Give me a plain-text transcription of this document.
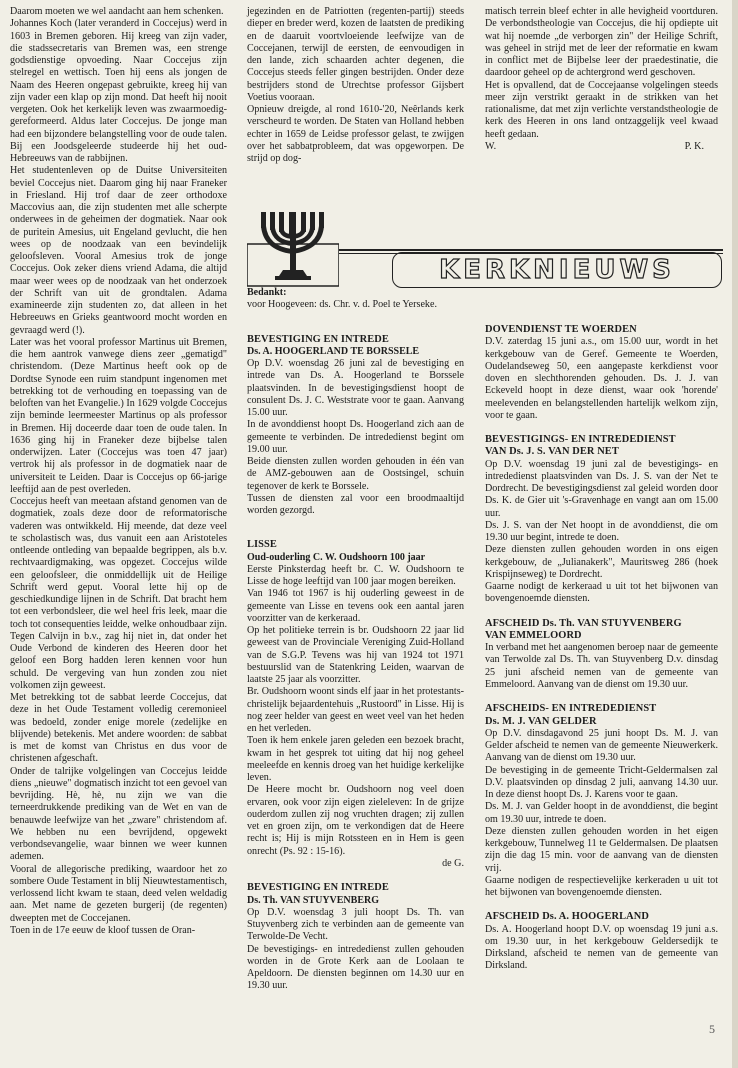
Daarom moeten we wel aandacht aan hem schenken.

Johannes Koch (later veranderd in Coccejus) werd in 1603 in Bremen geboren. Hij kreeg van zijn vader, die stadssecretaris van Bremen was, een strenge godsdienstige opvoeding. Naar Coccejus zijn stelregel en wettisch. Toen hij eens als jongen de Naam des Heeren ongepast gebruikte, kreeg hij van zijn vader een klap op zijn mond. Dat heeft hij nooit vergeten. Ook het kerkelijk leven was zwaarmoedig-gereformeerd. Aldus later Coccejus. De jonge man had een bijzondere belangstelling voor de oude talen. Bij een Joodsgeleerde studeerde hij het oud-Hebreeuws van de rabbijnen.

Het studentenleven op de Duitse Universiteiten beviel Coccejus niet. Daarom ging hij naar Franeker in Friesland. Hij trof daar de zeer orthodoxe Maccovius aan, die zijn studenten met alle scherpte onderwees in de geheimen der dogmatiek. Naar ook de puritein Amesius, uit Engeland gevlucht, die hen wees op de noodzaak van een bevindelijk geloofsleven. Vooral Amesius trok de jonge Coccejus. Ook zeker diens vriend Adama, die altijd maar weer wees op de noodzaak van het onderzoek der Schrift van uit de grondtalen. Adama examineerde zijn studenten zo, dat alleen in het Hebreeuws en Grieks geantwoord mocht worden en gevraagd werd (!).

Later was het vooral professor Martinus uit Bremen, die hem aantrok vanwege diens zeer „gematigd" christendom. (Deze Martinus heeft ook op de Dordtse Synode een ruim standpunt ingenomen met betrekking tot de verhouding en toepassing van de beloften van het Evangelie.) In 1629 volgde Coccejus zijn beminde leermeester Martinus op als professor in Bremen. Hij doceerde daar toen de oude talen. In 1636 ging hij in Franeker deze bijbelse talen onderwijzen. Later (Coccejus was toen 47 jaar) vertrok hij als professor in de dogmatiek naar de universiteit te Leiden. Daar is Coccejus op 66-jarige leeftijd aan de pest overleden.

Coccejus heeft van meetaan afstand genomen van de dogmatiek, zoals deze door de reformatorische vaderen was ontwikkeld. Hij meende, dat deze veel te scholastisch was, dus vanuit een aan Aristoteles ontleende ontleding van bepaalde begrippen, als b.v. rechtvaardigmaking, was opgezet. Coccejus wilde een geloofsleer, die onmiddellijk uit de Heilige Schrift werd geput. Vooral lette hij op de geschiedkundige lijnen in de Schrift. Dat bracht hem tot een verbondsleer, die wel heel fris leek, maar die toch tot consequenties leidde, welke onhoudbaar zijn. Tegen Calvijn in b.v., zag hij niet in, dat onder het Oude Verbond de kinderen des Heeren door het geloof een Borg hadden leren kennen voor hun schuld. De vergeving van hun zonden zou niet volkomen zijn geweest.

Met betrekking tot de sabbat leerde Coccejus, dat deze in het Oude Testament volledig ceremonieel was bedoeld, zonder enige morele (zedelijke en blijvende) betekenis. Met andere woorden: de sabbat is met de komst van Christus en dus voor de christenen afgeschaft.

Onder de talrijke volgelingen van Coccejus leidde diens „nieuwe" dogmatisch inzicht tot een gevoel van bevrijding. Hè, hè, nu zijn we van die terneerdrukkende prediking van de Wet en van de benauwde leefwijze van het „zware" christendom af. We hebben nu een bevrijdend, opgewekt verbondsevangelie, waar binnen we weer kunnen ademen.

Vooral de allegorische prediking, waardoor het zo sombere Oude Testament in blij Nieuwtestamentisch, verlossend licht kwam te staan, deed velen weldadig aan. Met name de gezeten burgerij (de regenten) dweepten met de Coccejanen.

Toen in de 17e eeuw de kloof tussen de Oran-

jegezinden en de Patriotten (regenten-partij) steeds dieper en breder werd, kozen de laatsten de prediking en de daaruit voortvloeiende leefwijze van de Coccejanen, terwijl de eersten, de eenvoudigen in den lande, zich schaarden achter degenen, die Coccejus steeds feller gingen bestrijden. Onder deze bestrijders stond de Utrechtse professor Gijsbert Voetius vooraan.

Opnieuw dreigde, al rond 1610-'20, Neêrlands kerk verscheurd te worden. De Staten van Holland hebben echter in 1659 de Leidse professor gelast, te zwijgen over het sabbatprobleem, dat was opgeworpen. De strijd op dog-

matisch terrein bleef echter in alle hevigheid voortduren. De verbondstheologie van Coccejus, die hij opdiepte uit wat hij noemde „de verborgen zin" der Heilige Schrift, was geheel in strijd met de leer der reformatie en kwam in conflict met de Bijbelse leer der praedestinatie, die daardoor geheel op de achtergrond werd geschoven.

Het is opvallend, dat de Coccejaanse volgelingen steeds meer zijn verstrikt geraakt in de strikken van het rationalisme, dat met zijn verlichte verstandstheologie de kerk des Heeren in ons land ontzaggelijk veel kwaad heeft gedaan.

W.	P. K.
KERKNIEUWS

Bedankt:

voor Hoogeveen: ds. Chr. v. d. Poel te Yerseke.

BEVESTIGING EN INTREDE

Ds. A. HOOGERLAND TE BORSSELE

Op D.V. woensdag 26 juni zal de bevestiging en intrede van Ds. A. Hoogerland te Borssele plaatsvinden. In de bevestigingsdienst hoopt de consulent Ds. J. C. Weststrate voor te gaan. Aanvang 15.00 uur.

In de avonddienst hoopt Ds. Hoogerland zich aan de gemeente te verbinden. De intrededienst begint om 19.00 uur.

Beide diensten zullen worden gehouden in één van de AMZ-gebouwen aan de Oostsingel, schuin tegenover de kerk te Borssele.

Tussen de diensten zal voor een broodmaaltijd worden gezorgd.

LISSE

Oud-ouderling C. W. Oudshoorn 100 jaar

Eerste Pinksterdag heeft br. C. W. Oudshoorn te Lisse de hoge leeftijd van 100 jaar mogen bereiken.

Van 1946 tot 1967 is hij ouderling geweest in de gemeente van Lisse en tevens ook een aantal jaren voorzitter van de kerkeraad.

Op het politieke terrein is br. Oudshoorn 22 jaar lid geweest van de Provinciale Vereniging Zuid-Holland van de S.G.P. Tevens was hij van 1924 tot 1971 bestuurslid van de Statenkring Leiden, waarvan de laatste 25 jaar als voorzitter.

Br. Oudshoorn woont sinds elf jaar in het protestants-christelijk bejaardentehuis „Rustoord" in Lisse. Hij is nog zeer helder van geest en weet veel van het heden en het verleden.

Toen ik hem enkele jaren geleden een bezoek bracht, kwam in het gesprek tot uiting dat hij nog geheel meeleefde en kennis droeg van het huidige kerkelijke leven.

De Heere mocht br. Oudshoorn nog veel doen ervaren, ook voor zijn eigen zieleleven: In de grijze ouderdom zullen zij nog vruchten dragen; zij zullen vet en groen zijn, om te verkondigen dat de Heere recht is; Hij is mijn Rotssteen en in Hem is geen onrecht (Ps. 92 : 15-16).

de G.

BEVESTIGING EN INTREDE

Ds. Th. VAN STUYVENBERG

Op D.V. woensdag 3 juli hoopt Ds. Th. van Stuyvenberg zich te verbinden aan de gemeente van Terwolde-De Vecht.

De bevestigings- en intrededienst zullen gehouden worden in de Grote Kerk aan de Loolaan te Apeldoorn. De diensten beginnen om 14.30 uur en 19.30 uur.

DOVENDIENST TE WOERDEN

D.V. zaterdag 15 juni a.s., om 15.00 uur, wordt in het kerkgebouw van de Geref. Gemeente te Woerden, Oudelandseweg 50, een aangepaste kerkdienst voor doven en slechthorenden gehouden. Ds. J. J. van Eckeveld hoopt in deze dienst, waar ook 'horende' meelevenden en belangstellenden hartelijk welkom zijn, voor te gaan.

BEVESTIGINGS- EN INTREDEDIENST

VAN Ds. J. S. VAN DER NET

Op D.V. woensdag 19 juni zal de bevestigings- en intrededienst plaatsvinden van Ds. J. S. van der Net te Dordrecht. De bevestigingsdienst zal geleid worden door Ds. K. de Gier uit 's-Gravenhage en vangt aan om 15.00 uur.

Ds. J. S. van der Net hoopt in de avonddienst, die om 19.30 uur begint, intrede te doen.

Deze diensten zullen gehouden worden in ons eigen kerkgebouw, de „Julianakerk", Mauritsweg 286 (hoek Krispijnseweg) te Dordrecht.

Gaarne nodigt de kerkeraad u uit tot het bijwonen van bovengenoemde diensten.

AFSCHEID Ds. Th. VAN STUYVENBERG

VAN EMMELOORD

In verband met het aangenomen beroep naar de gemeente van Terwolde zal Ds. Th. van Stuyvenberg D.v. dinsdag 25 juni afscheid nemen van de gemeente van Emmeloord. Aanvang van de dienst om 19.30 uur.

AFSCHEIDS- EN INTREDEDIENST

Ds. M. J. VAN GELDER

Op D.V. dinsdagavond 25 juni hoopt Ds. M. J. van Gelder afscheid te nemen van de gemeente Nieuwerkerk. Aanvang van de dienst om 19.30 uur.

De bevestiging in de gemeente Tricht-Geldermalsen zal D.V. plaatsvinden op dinsdag 2 juli, aanvang 14.30 uur. In deze dienst hoopt Ds. J. Karens voor te gaan.

Ds. M. J. van Gelder hoopt in de avonddienst, die begint om 19.30 uur, intrede te doen.

Deze diensten zullen gehouden worden in het eigen kerkgebouw, Tunnelweg 11 te Geldermalsen. De plaatsen zijn die dag 15 min. voor de aanvang van de diensten vrij.

Gaarne nodigen de respectievelijke kerkeraden u uit tot het bijwonen van bovengenoemde diensten.

AFSCHEID Ds. A. HOOGERLAND

Ds. A. Hoogerland hoopt D.V. op woensdag 19 juni a.s. om 19.30 uur, in het kerkgebouw Geldersedijk te Dirksland, afscheid te nemen van de gemeente van Dirksland.

5
